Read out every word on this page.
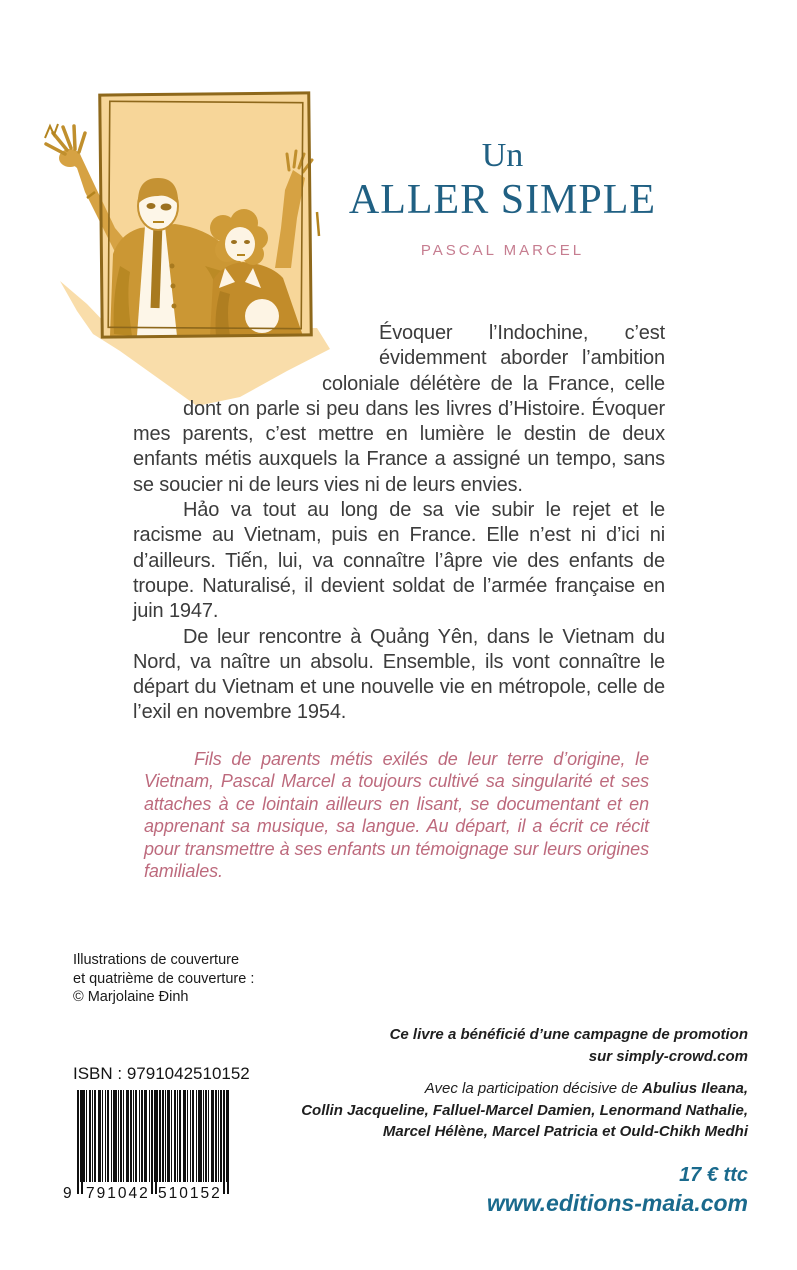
Un
ALLER SIMPLE
PASCAL MARCEL

Évoquer l’Indochine, c’est évidemment aborder l’ambition coloniale délétère de la France, celle dont on parle si peu dans les livres d’Histoire. Évoquer mes parents, c’est mettre en lumière le destin de deux enfants métis auxquels la France a assigné un tempo, sans se soucier ni de leurs vies ni de leurs envies.

Hảo va tout au long de sa vie subir le rejet et le racisme au Vietnam, puis en France. Elle n’est ni d’ici ni d’ailleurs. Tiến, lui, va connaître l’âpre vie des enfants de troupe. Naturalisé, il devient soldat de l’armée française en juin 1947.

De leur rencontre à Quảng Yên, dans le Vietnam du Nord, va naître un absolu. Ensemble, ils vont connaître le départ du Vietnam et une nouvelle vie en métropole, celle de l’exil en novembre 1954.

Fils de parents métis exilés de leur terre d’origine, le Vietnam, Pascal Marcel a toujours cultivé sa singularité et ses attaches à ce lointain ailleurs en lisant, se documentant et en apprenant sa musique, sa langue. Au départ, il a écrit ce récit pour transmettre à ses enfants un témoignage sur leurs origines familiales.
Illustrations de couverture
et quatrième de couverture :
© Marjolaine Đinh
ISBN : 9791042510152
9 791042 510152
Ce livre a bénéficié d’une campagne de promotion
sur simply-crowd.com
Avec la participation décisive de Abulius Ileana,
Collin Jacqueline, Falluel-Marcel Damien, Lenormand Nathalie,
Marcel Hélène, Marcel Patricia et Ould-Chikh Medhi
17 € ttc
www.editions-maia.com
